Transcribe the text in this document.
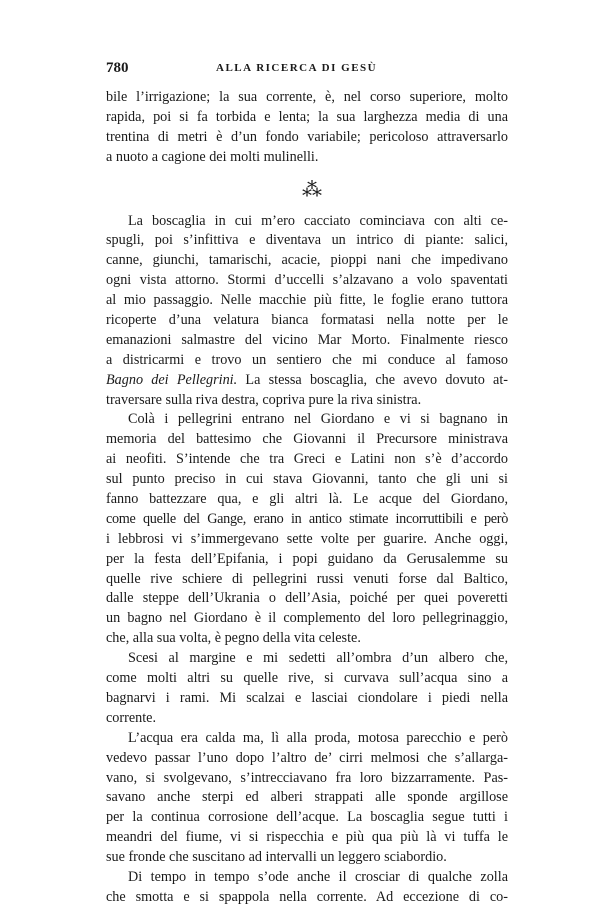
780	ALLA RICERCA DI GESÙ
bile l’irrigazione; la sua corrente, è, nel corso superiore, molto
rapida, poi si fa torbida e lenta; la sua larghezza media di una
trentina di metri è d’un fondo variabile; pericoloso attraversarlo
a nuoto a cagione dei molti mulinelli.
⁂
La boscaglia in cui m’ero cacciato cominciava con alti ce-
spugli, poi s’infittiva e diventava un intrico di piante: salici,
canne, giunchi, tamarischi, acacie, pioppi nani che impedivano
ogni vista attorno. Stormi d’uccelli s’alzavano a volo spaventati
al mio passaggio. Nelle macchie più fitte, le foglie erano tuttora
ricoperte d’una velatura bianca formatasi nella notte per le
emanazioni salmastre del vicino Mar Morto. Finalmente riesco
a districarmi e trovo un sentiero che mi conduce al famoso
Bagno dei Pellegrini. La stessa boscaglia, che avevo dovuto at-
traversare sulla riva destra, copriva pure la riva sinistra.
Colà i pellegrini entrano nel Giordano e vi si bagnano in
memoria del battesimo che Giovanni il Precursore ministrava
ai neofiti. S’intende che tra Greci e Latini non s’è d’accordo
sul punto preciso in cui stava Giovanni, tanto che gli uni si
fanno battezzare qua, e gli altri là. Le acque del Giordano,
come quelle del Gange, erano in antico stimate incorruttibili e però
i lebbrosi vi s’immergevano sette volte per guarire. Anche oggi,
per la festa dell’Epifania, i popi guidano da Gerusalemme su
quelle rive schiere di pellegrini russi venuti forse dal Baltico,
dalle steppe dell’Ukrania o dell’Asia, poiché per quei poveretti
un bagno nel Giordano è il complemento del loro pellegrinaggio,
che, alla sua volta, è pegno della vita celeste.
Scesi al margine e mi sedetti all’ombra d’un albero che,
come molti altri su quelle rive, si curvava sull’acqua sino a
bagnarvi i rami. Mi scalzai e lasciai ciondolare i piedi nella
corrente.
L’acqua era calda ma, lì alla proda, motosa parecchio e però
vedevo passar l’uno dopo l’altro de’ cirri melmosi che s’allarga-
vano, si svolgevano, s’intrecciavano fra loro bizzarramente. Pas-
savano anche sterpi ed alberi strappati alle sponde argillose
per la continua corrosione dell’acque. La boscaglia segue tutti i
meandri del fiume, vi si rispecchia e più qua più là vi tuffa le
sue fronde che suscitano ad intervalli un leggero sciabordio.
Di tempo in tempo s’ode anche il crosciar di qualche zolla
che smotta e si spappola nella corrente. Ad eccezione di co-
